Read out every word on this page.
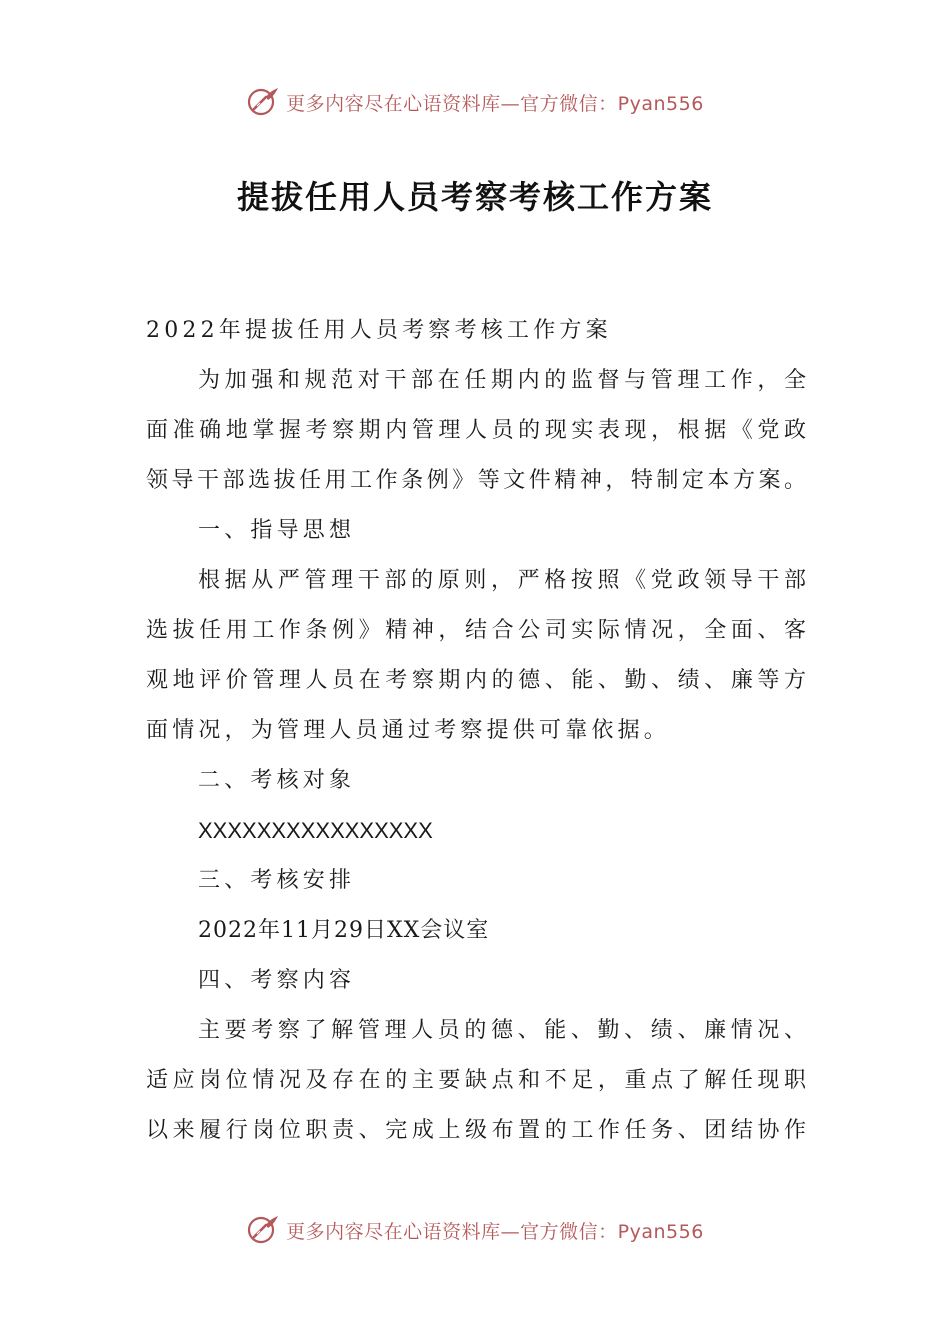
更多内容尽在心语资料库—官方微信：Pyan556
提拔任用人员考察考核工作方案

2022年提拔任用人员考察考核工作方案

为加强和规范对干部在任期内的监督与管理工作，全

面准确地掌握考察期内管理人员的现实表现，根据《党政

领导干部选拔任用工作条例》等文件精神，特制定本方案。

一、指导思想

根据从严管理干部的原则，严格按照《党政领导干部

选拔任用工作条例》精神，结合公司实际情况，全面、客

观地评价管理人员在考察期内的德、能、勤、绩、廉等方

面情况，为管理人员通过考察提供可靠依据。

二、考核对象

XXXXXXXXXXXXXXXX

三、考核安排

2022年11月29日XX会议室

四、考察内容

主要考察了解管理人员的德、能、勤、绩、廉情况、

适应岗位情况及存在的主要缺点和不足，重点了解任现职

以来履行岗位职责、完成上级布置的工作任务、团结协作

更多内容尽在心语资料库—官方微信：Pyan556
